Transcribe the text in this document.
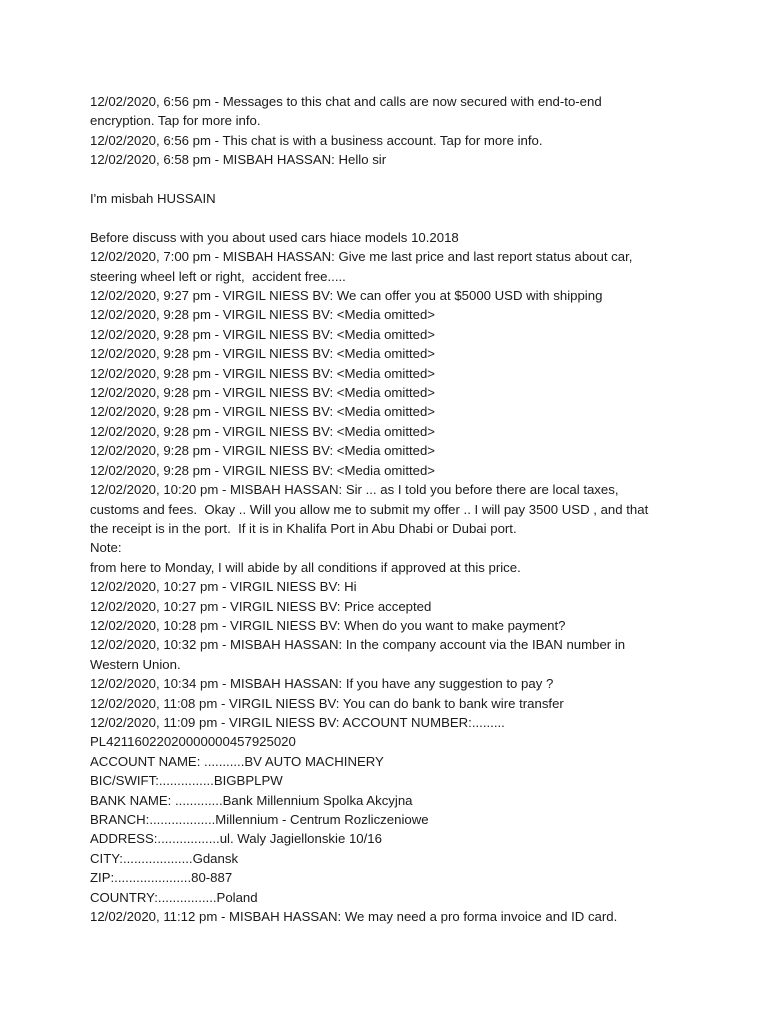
12/02/2020, 6:56 pm - Messages to this chat and calls are now secured with end-to-end
encryption. Tap for more info.
12/02/2020, 6:56 pm - This chat is with a business account. Tap for more info.
12/02/2020, 6:58 pm - MISBAH HASSAN: Hello sir
I'm misbah HUSSAIN
Before discuss with you about used cars hiace models 10.2018
12/02/2020, 7:00 pm - MISBAH HASSAN: Give me last price and last report status about car,
steering wheel left or right,  accident free.....
12/02/2020, 9:27 pm - VIRGIL NIESS BV: We can offer you at $5000 USD with shipping
12/02/2020, 9:28 pm - VIRGIL NIESS BV: <Media omitted>
12/02/2020, 9:28 pm - VIRGIL NIESS BV: <Media omitted>
12/02/2020, 9:28 pm - VIRGIL NIESS BV: <Media omitted>
12/02/2020, 9:28 pm - VIRGIL NIESS BV: <Media omitted>
12/02/2020, 9:28 pm - VIRGIL NIESS BV: <Media omitted>
12/02/2020, 9:28 pm - VIRGIL NIESS BV: <Media omitted>
12/02/2020, 9:28 pm - VIRGIL NIESS BV: <Media omitted>
12/02/2020, 9:28 pm - VIRGIL NIESS BV: <Media omitted>
12/02/2020, 9:28 pm - VIRGIL NIESS BV: <Media omitted>
12/02/2020, 10:20 pm - MISBAH HASSAN: Sir ... as I told you before there are local taxes,
customs and fees.  Okay .. Will you allow me to submit my offer .. I will pay 3500 USD , and that
the receipt is in the port.  If it is in Khalifa Port in Abu Dhabi or Dubai port.
Note:
from here to Monday, I will abide by all conditions if approved at this price.
12/02/2020, 10:27 pm - VIRGIL NIESS BV: Hi
12/02/2020, 10:27 pm - VIRGIL NIESS BV: Price accepted
12/02/2020, 10:28 pm - VIRGIL NIESS BV: When do you want to make payment?
12/02/2020, 10:32 pm - MISBAH HASSAN: In the company account via the IBAN number in
Western Union.
12/02/2020, 10:34 pm - MISBAH HASSAN: If you have any suggestion to pay ?
12/02/2020, 11:08 pm - VIRGIL NIESS BV: You can do bank to bank wire transfer
12/02/2020, 11:09 pm - VIRGIL NIESS BV: ACCOUNT NUMBER:.........
PL42116022020000000457925020
ACCOUNT NAME: ...........BV AUTO MACHINERY
BIC/SWIFT:...............BIGBPLPW
BANK NAME: .............Bank Millennium Spolka Akcyjna
BRANCH:..................Millennium - Centrum Rozliczeniowe
ADDRESS:.................ul. Waly Jagiellonskie 10/16
CITY:...................Gdansk
ZIP:.....................80-887
COUNTRY:................Poland
12/02/2020, 11:12 pm - MISBAH HASSAN: We may need a pro forma invoice and ID card.
